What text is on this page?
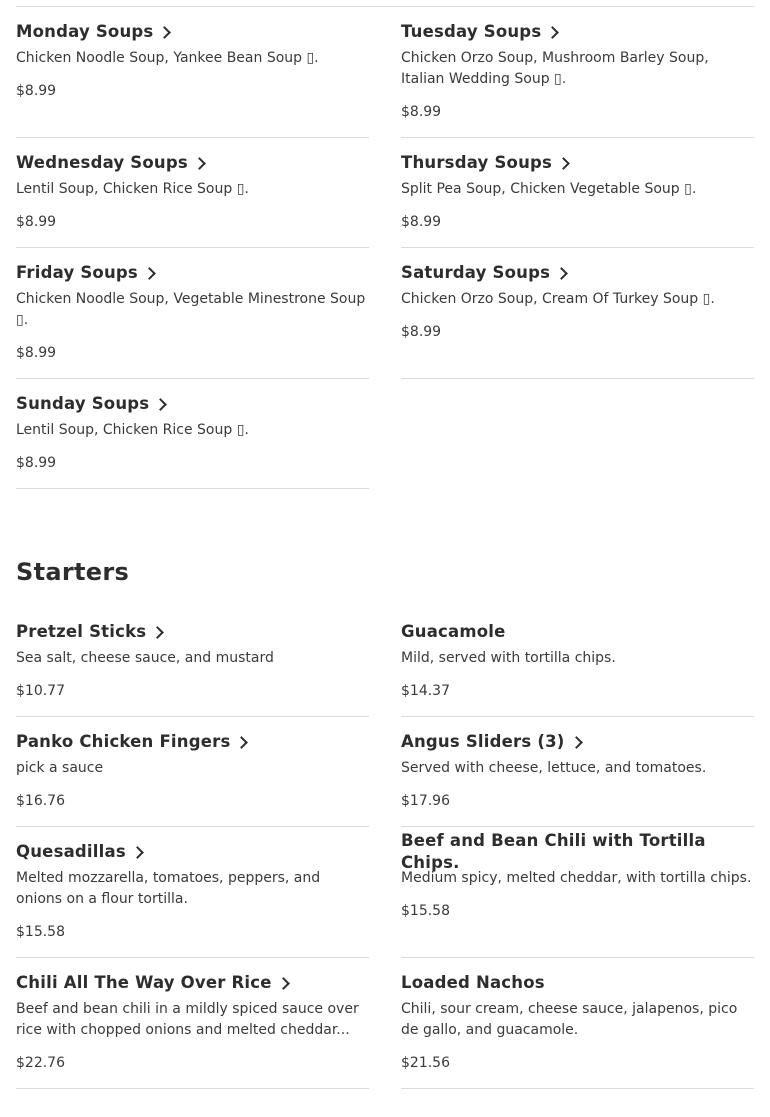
Monday Soups
Chicken Noodle Soup, Yankee Bean Soup ▯.
$8.99
Tuesday Soups
Chicken Orzo Soup, Mushroom Barley Soup, Italian Wedding Soup ▯.
$8.99
Wednesday Soups
Lentil Soup, Chicken Rice Soup ▯.
$8.99
Thursday Soups
Split Pea Soup, Chicken Vegetable Soup ▯.
$8.99
Friday Soups
Chicken Noodle Soup, Vegetable Minestrone Soup ▯.
$8.99
Saturday Soups
Chicken Orzo Soup, Cream Of Turkey Soup ▯.
$8.99
Sunday Soups
Lentil Soup, Chicken Rice Soup ▯.
$8.99
Starters
Pretzel Sticks
Sea salt, cheese sauce, and mustard
$10.77
Guacamole
Mild, served with tortilla chips.
$14.37
Panko Chicken Fingers
pick a sauce
$16.76
Angus Sliders (3)
Served with cheese, lettuce, and tomatoes.
$17.96
Quesadillas
Melted mozzarella, tomatoes, peppers, and onions on a flour tortilla.
$15.58
Beef and Bean Chili with Tortilla Chips.
Medium spicy, melted cheddar, with tortilla chips.
$15.58
Chili All The Way Over Rice
Beef and bean chili in a mildly spiced sauce over rice with chopped onions and melted cheddar...
$22.76
Loaded Nachos
Chili, sour cream, cheese sauce, jalapenos, pico de gallo, and guacamole.
$21.56
